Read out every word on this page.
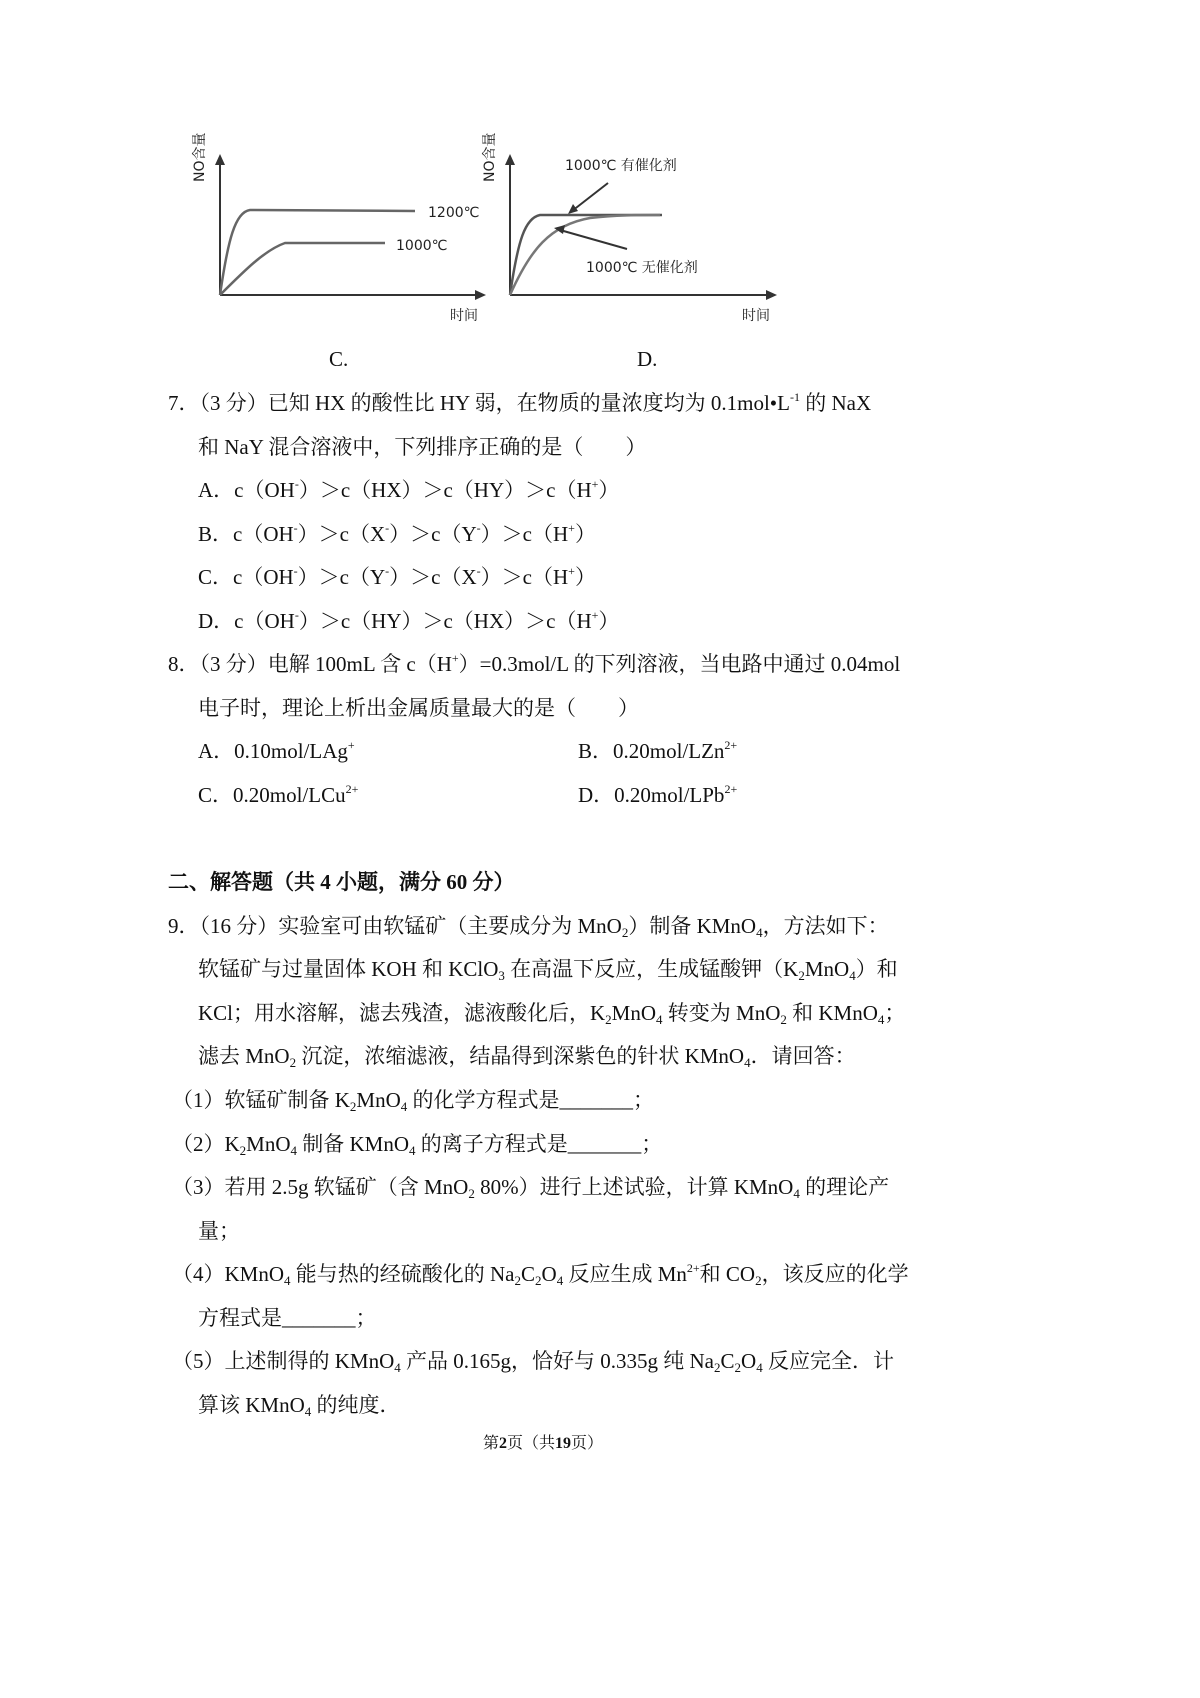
NO含量
1200℃
1000℃
时间
NO含量	1000℃ 有催化剂
1000℃ 无催化剂
时间
C.	D.
7．（3 分）已知 HX 的酸性比 HY 弱，在物质的量浓度均为 $0.1mol•L^{-1}$ 的 NaX
和 NaY 混合溶液中，下列排序正确的是（　　）
A．c（OH-）＞c（HX）＞c（HY）＞c（H+）
B．c（OH-）＞c（X-）＞c（Y-）＞c（H+）
C．c（OH-）＞c（Y-）＞c（X-）＞c（H+）
D．c（OH-）＞c（HY）＞c（HX）＞c（H+）
8．（3 分）电解 100mL 含 c（H+）=0.3mol/L 的下列溶液，当电路中通过 0.04mol
电子时，理论上析出金属质量最大的是（　　）
A．0.10mol/LAg+	B．0.20mol/LZn$^{2+}$
C．0.20mol/LCu$^{2+}$	D．0.20mol/LPb$^{2+}$
二、解答题（共 4 小题，满分 60 分）
9．（16 分）实验室可由软锰矿（主要成分为 MnO$_2$）制备 KMnO$_4$，方法如下：
软锰矿与过量固体 KOH 和 KClO$_3$ 在高温下反应，生成锰酸钾$(K_2MnO_4)$和
KCl；用水溶解，滤去残渣，滤液酸化后，$K_2MnO_4$ 转变为 MnO$_2$ 和 KMnO$_4$；
滤去 MnO$_2$ 沉淀，浓缩滤液，结晶得到深紫色的针状 KMnO$_4$．请回答：
（1）软锰矿制备 $K_2MnO_4$ 的化学方程式是_______；
$(2)K_2MnO_4$ 制备 KMnO$_4$ 的离子方程式是_______；
（3）若用 2.5g 软锰矿（含 MnO$_2$ 80%）进行上述试验，计算 KMnO$_4$ 的理论产
量；
（4）KMnO$_4$ 能与热的经硫酸化的 $Na_2C_2O_4$ 反应生成 $Mn^{2+}$和 $CO_2$，该反应的化学
方程式是_______；
（5）上述制得的 KMnO$_4$ 产品 0.165g，恰好与 0.335g 纯 $Na_2C_2O_4$ 反应完全．计
算该 KMnO$_4$ 的纯度．
第2页（共19页）
